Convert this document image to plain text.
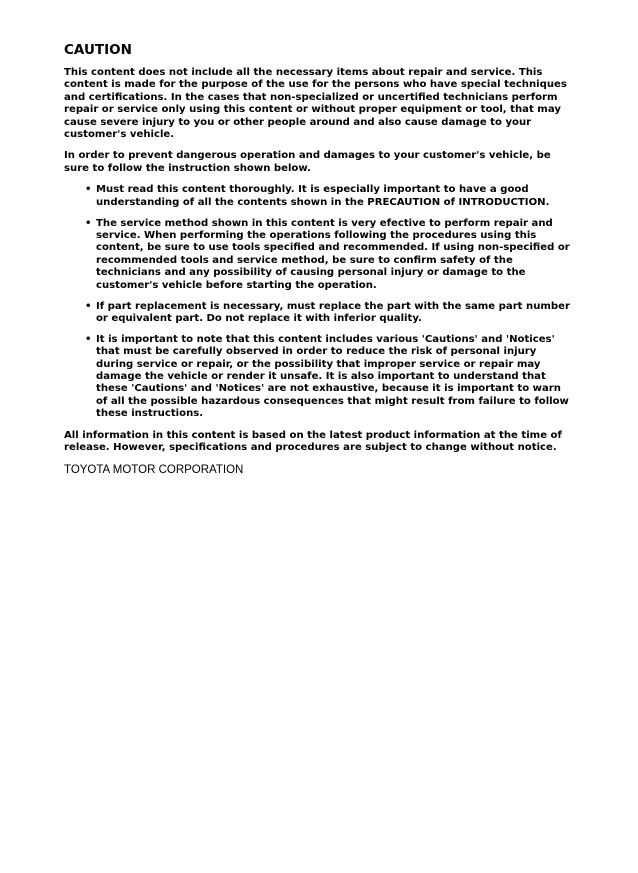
CAUTION

This content does not include all the necessary items about repair and service. This content is made for the purpose of the use for the persons who have special techniques and certifications. In the cases that non-specialized or uncertified technicians perform repair or service only using this content or without proper equipment or tool, that may cause severe injury to you or other people around and also cause damage to your customer's vehicle.

In order to prevent dangerous operation and damages to your customer's vehicle, be sure to follow the instruction shown below.

• Must read this content thoroughly. It is especially important to have a good understanding of all the contents shown in the PRECAUTION of INTRODUCTION.
• The service method shown in this content is very efective to perform repair and service. When performing the operations following the procedures using this content, be sure to use tools specified and recommended. If using non-specified or recommended tools and service method, be sure to confirm safety of the technicians and any possibility of causing personal injury or damage to the customer's vehicle before starting the operation.
• If part replacement is necessary, must replace the part with the same part number or equivalent part. Do not replace it with inferior quality.
• It is important to note that this content includes various 'Cautions' and 'Notices' that must be carefully observed in order to reduce the risk of personal injury during service or repair, or the possibility that improper service or repair may damage the vehicle or render it unsafe. It is also important to understand that these 'Cautions' and 'Notices' are not exhaustive, because it is important to warn of all the possible hazardous consequences that might result from failure to follow these instructions.

All information in this content is based on the latest product information at the time of release. However, specifications and procedures are subject to change without notice.

TOYOTA MOTOR CORPORATION
